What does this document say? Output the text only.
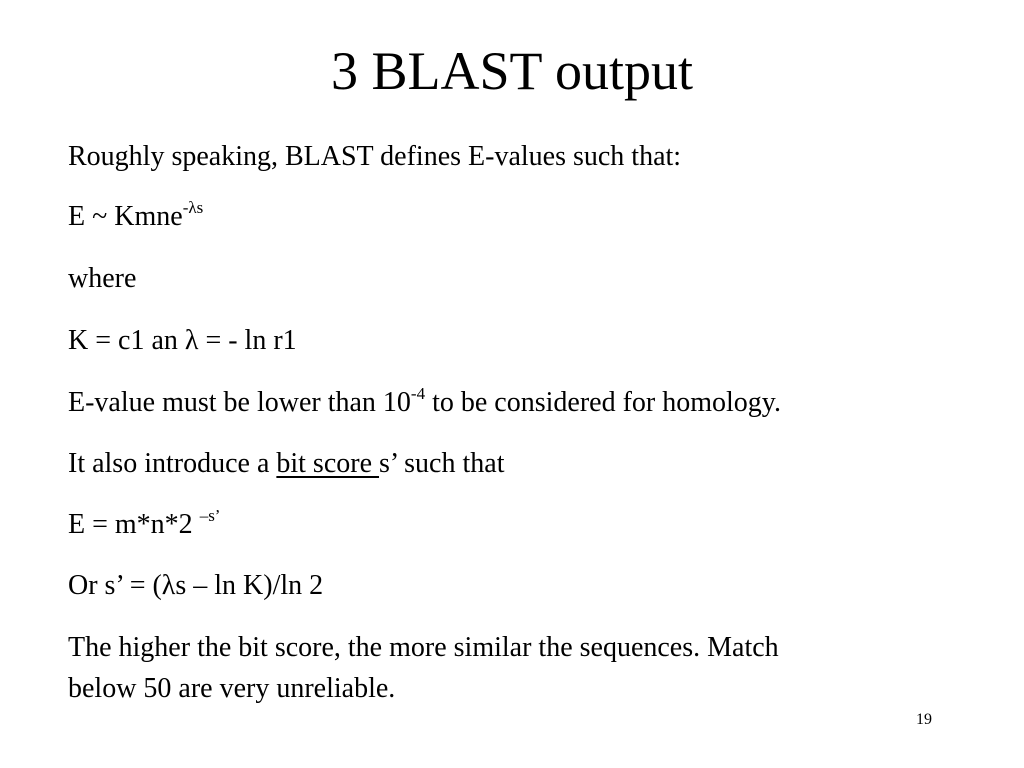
3 BLAST output

Roughly speaking, BLAST defines E-values such that:

E ~ Kmne$^{-\lambda s}$

where

K = c1 an λ = - ln r1

E-value must be lower than $10^{-4}$ to be considered for homology.

It also introduce a bit score s’ such that

E = m*n*2 $^{-s’}$

Or s’ = (λs – ln K)/ln 2

The higher the bit score, the more similar the sequences. Match

below 50 are very unreliable.

19
